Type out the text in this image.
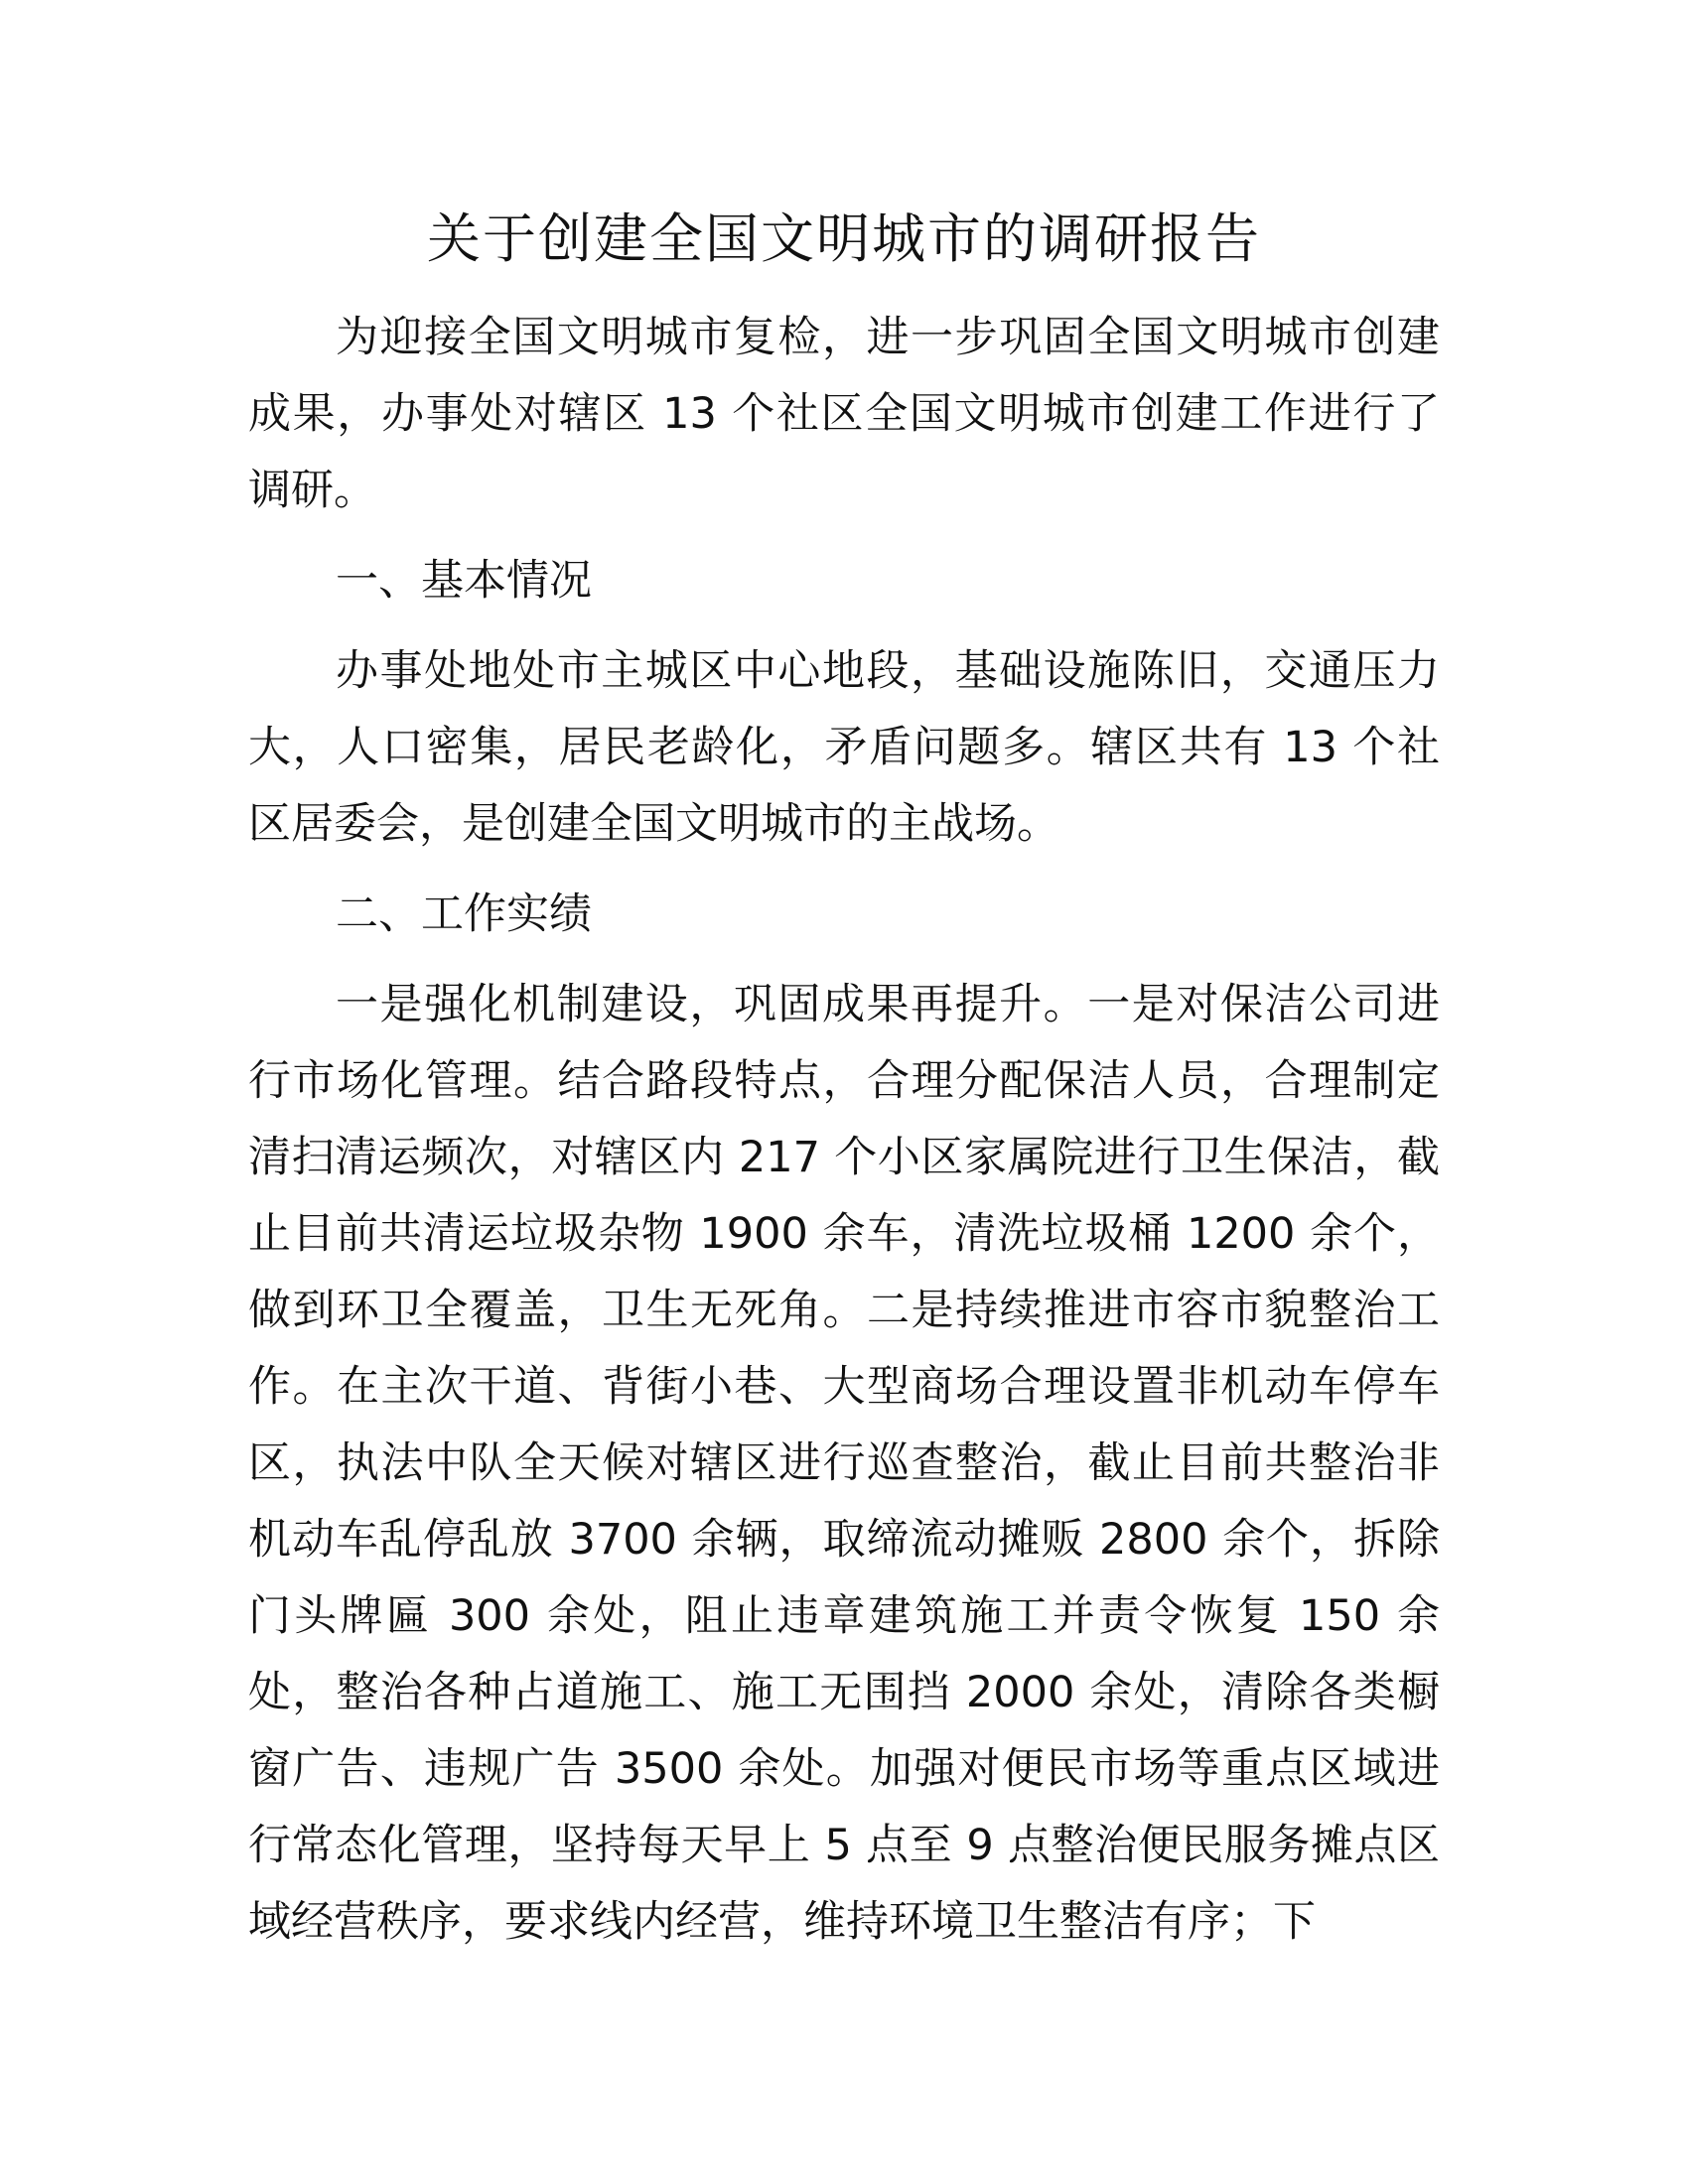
关于创建全国文明城市的调研报告

为迎接全国文明城市复检，进一步巩固全国文明城市创建成果，办事处对辖区 13 个社区全国文明城市创建工作进行了调研。

一、基本情况

办事处地处市主城区中心地段，基础设施陈旧，交通压力大，人口密集，居民老龄化，矛盾问题多。辖区共有 13 个社区居委会，是创建全国文明城市的主战场。

二、工作实绩

一是强化机制建设，巩固成果再提升。一是对保洁公司进行市场化管理。结合路段特点，合理分配保洁人员，合理制定清扫清运频次，对辖区内 217 个小区家属院进行卫生保洁，截止目前共清运垃圾杂物 1900 余车，清洗垃圾桶 1200 余个，做到环卫全覆盖，卫生无死角。二是持续推进市容市貌整治工作。在主次干道、背街小巷、大型商场合理设置非机动车停车区，执法中队全天候对辖区进行巡查整治，截止目前共整治非机动车乱停乱放 3700 余辆，取缔流动摊贩 2800 余个，拆除门头牌匾 300 余处，阻止违章建筑施工并责令恢复 150 余处，整治各种占道施工、施工无围挡 2000 余处，清除各类橱窗广告、违规广告 3500 余处。加强对便民市场等重点区域进行常态化管理，坚持每天早上 5 点至 9 点整治便民服务摊点区域经营秩序，要求线内经营，维持环境卫生整洁有序；下
